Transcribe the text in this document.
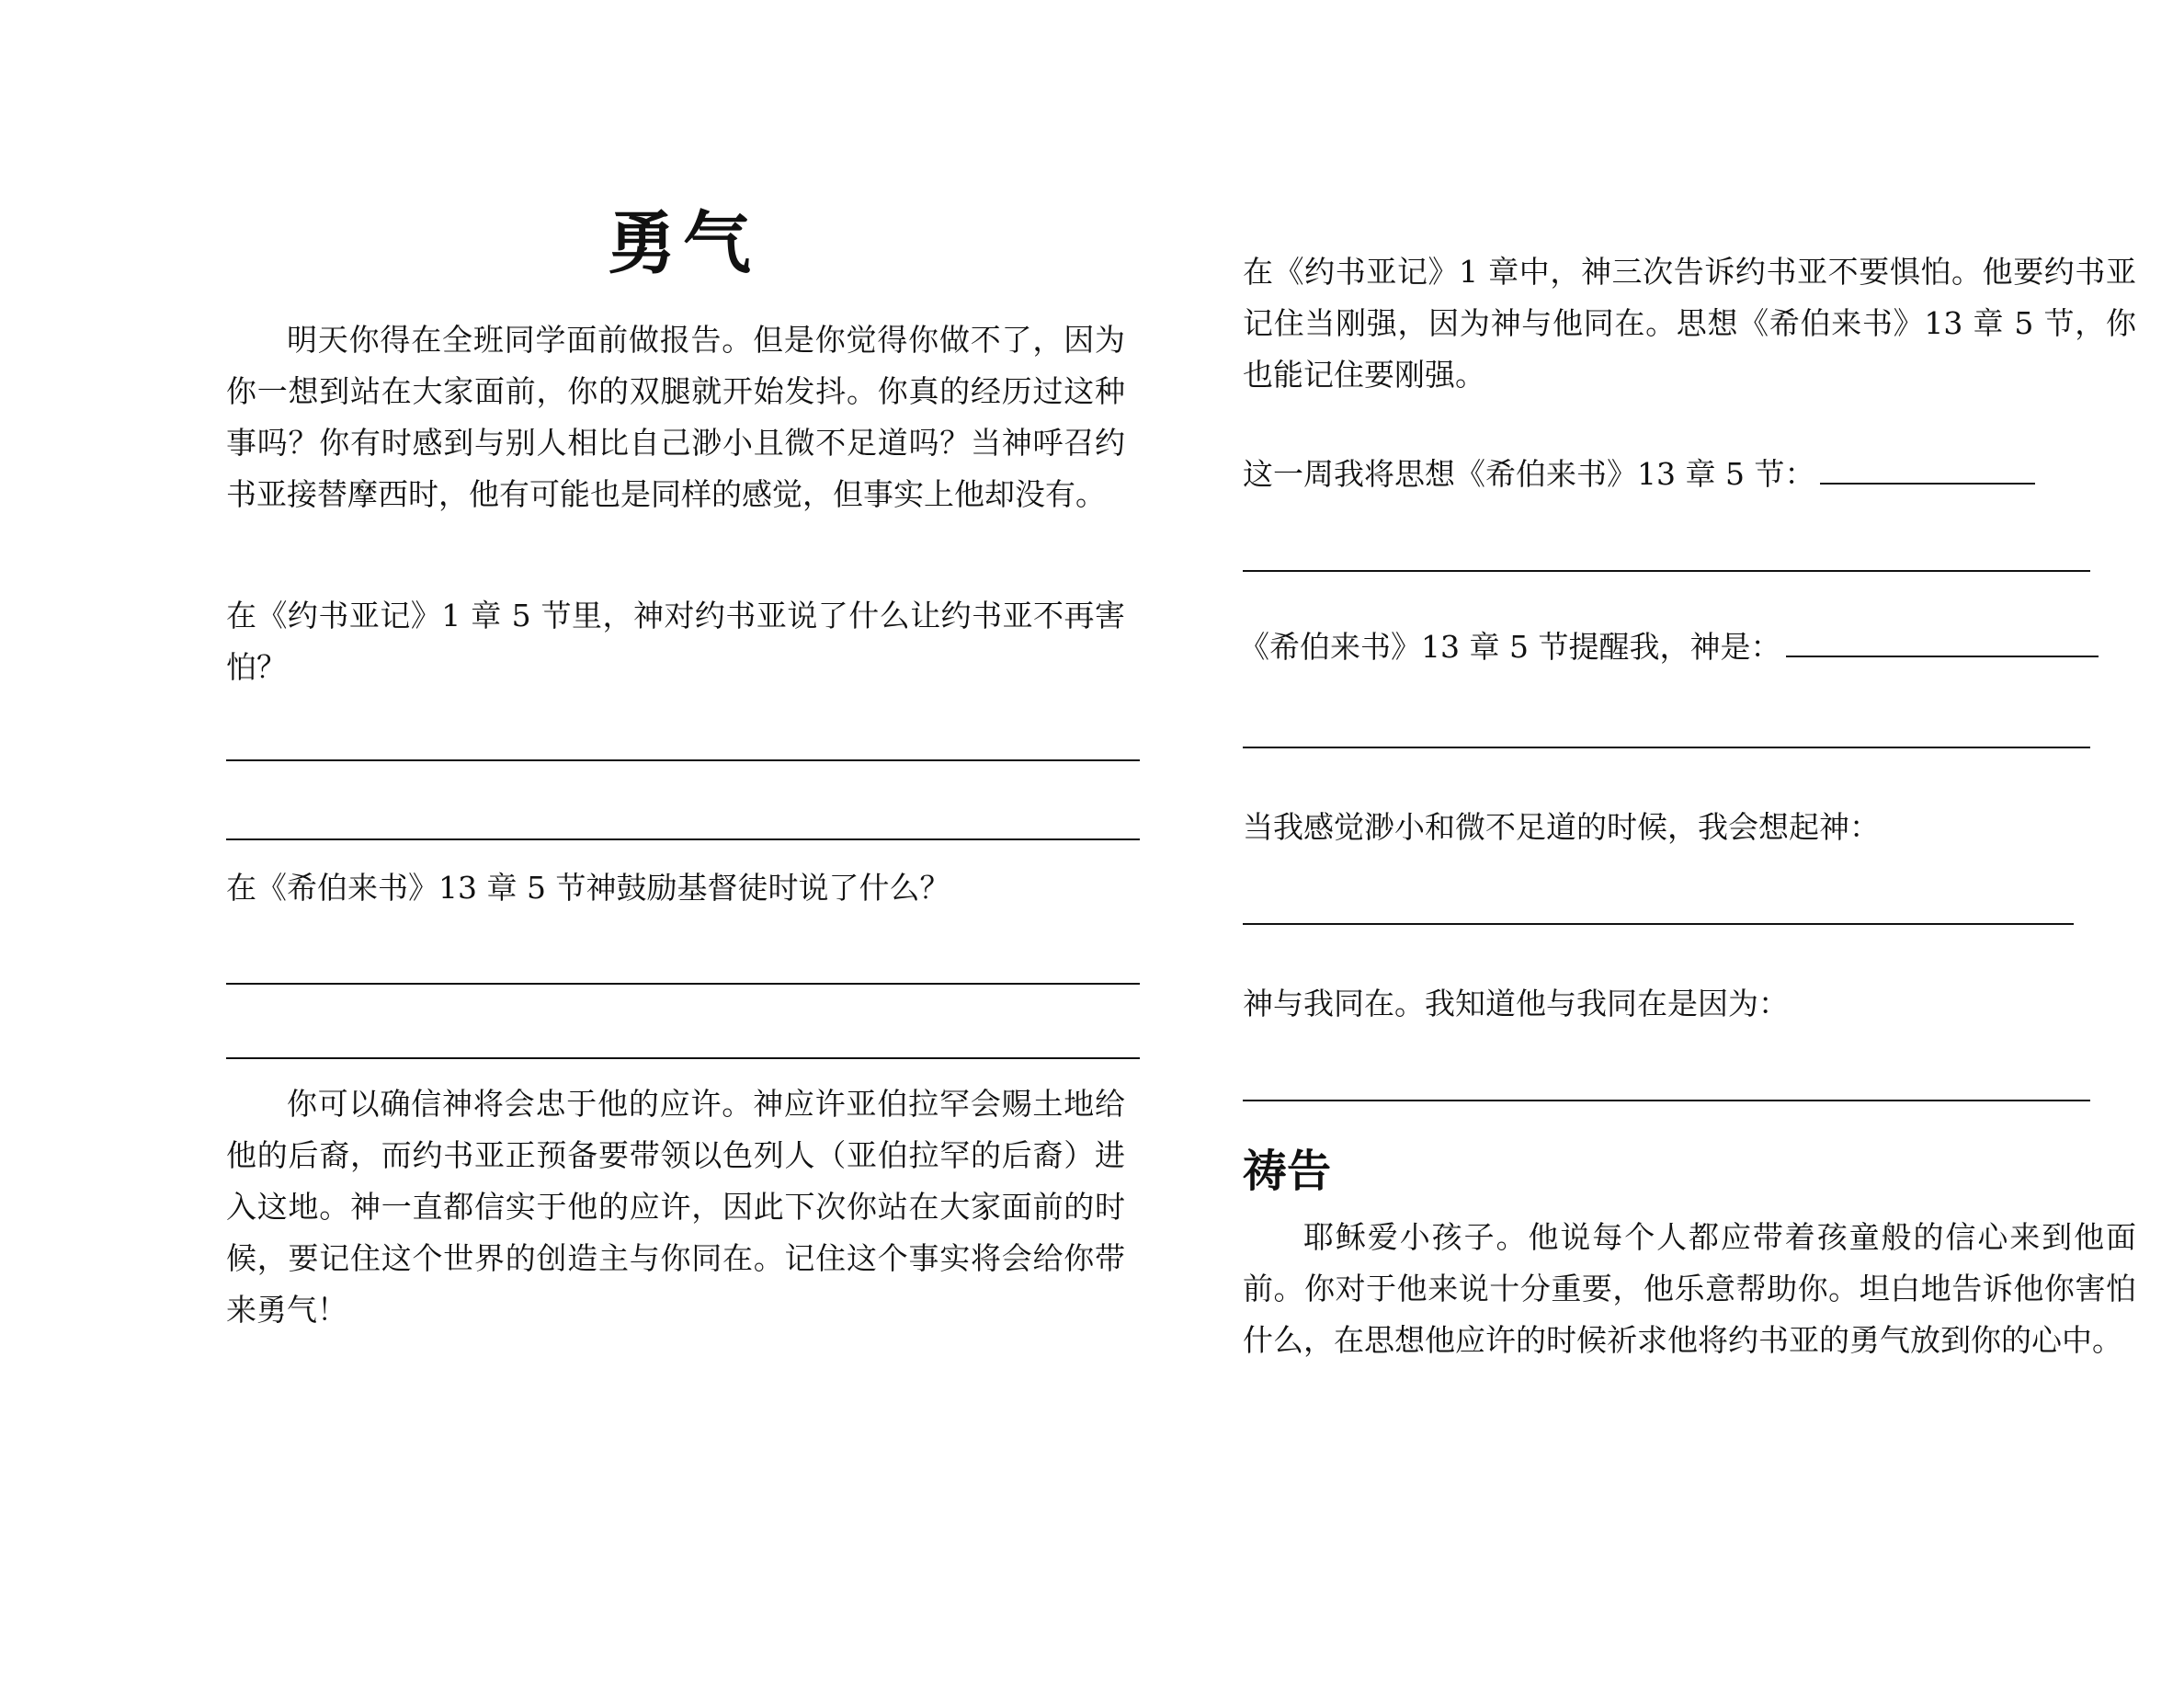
勇气

明天你得在全班同学面前做报告。但是你觉得你做不了，因为你一想到站在大家面前，你的双腿就开始发抖。你真的经历过这种事吗？你有时感到与别人相比自己渺小且微不足道吗？当神呼召约书亚接替摩西时，他有可能也是同样的感觉，但事实上他却没有。

在《约书亚记》1 章 5 节里，神对约书亚说了什么让约书亚不再害怕？

在《希伯来书》13 章 5 节神鼓励基督徒时说了什么？

你可以确信神将会忠于他的应许。神应许亚伯拉罕会赐土地给他的后裔，而约书亚正预备要带领以色列人（亚伯拉罕的后裔）进入这地。神一直都信实于他的应许，因此下次你站在大家面前的时候，要记住这个世界的创造主与你同在。记住这个事实将会给你带来勇气！

在《约书亚记》1 章中，神三次告诉约书亚不要惧怕。他要约书亚记住当刚强，因为神与他同在。思想《希伯来书》13 章 5 节，你也能记住要刚强。

这一周我将思想《希伯来书》13 章 5 节：

《希伯来书》13 章 5 节提醒我，神是：

当我感觉渺小和微不足道的时候，我会想起神：

神与我同在。我知道他与我同在是因为：

祷告

耶稣爱小孩子。他说每个人都应带着孩童般的信心来到他面前。你对于他来说十分重要，他乐意帮助你。坦白地告诉他你害怕什么，在思想他应许的时候祈求他将约书亚的勇气放到你的心中。
